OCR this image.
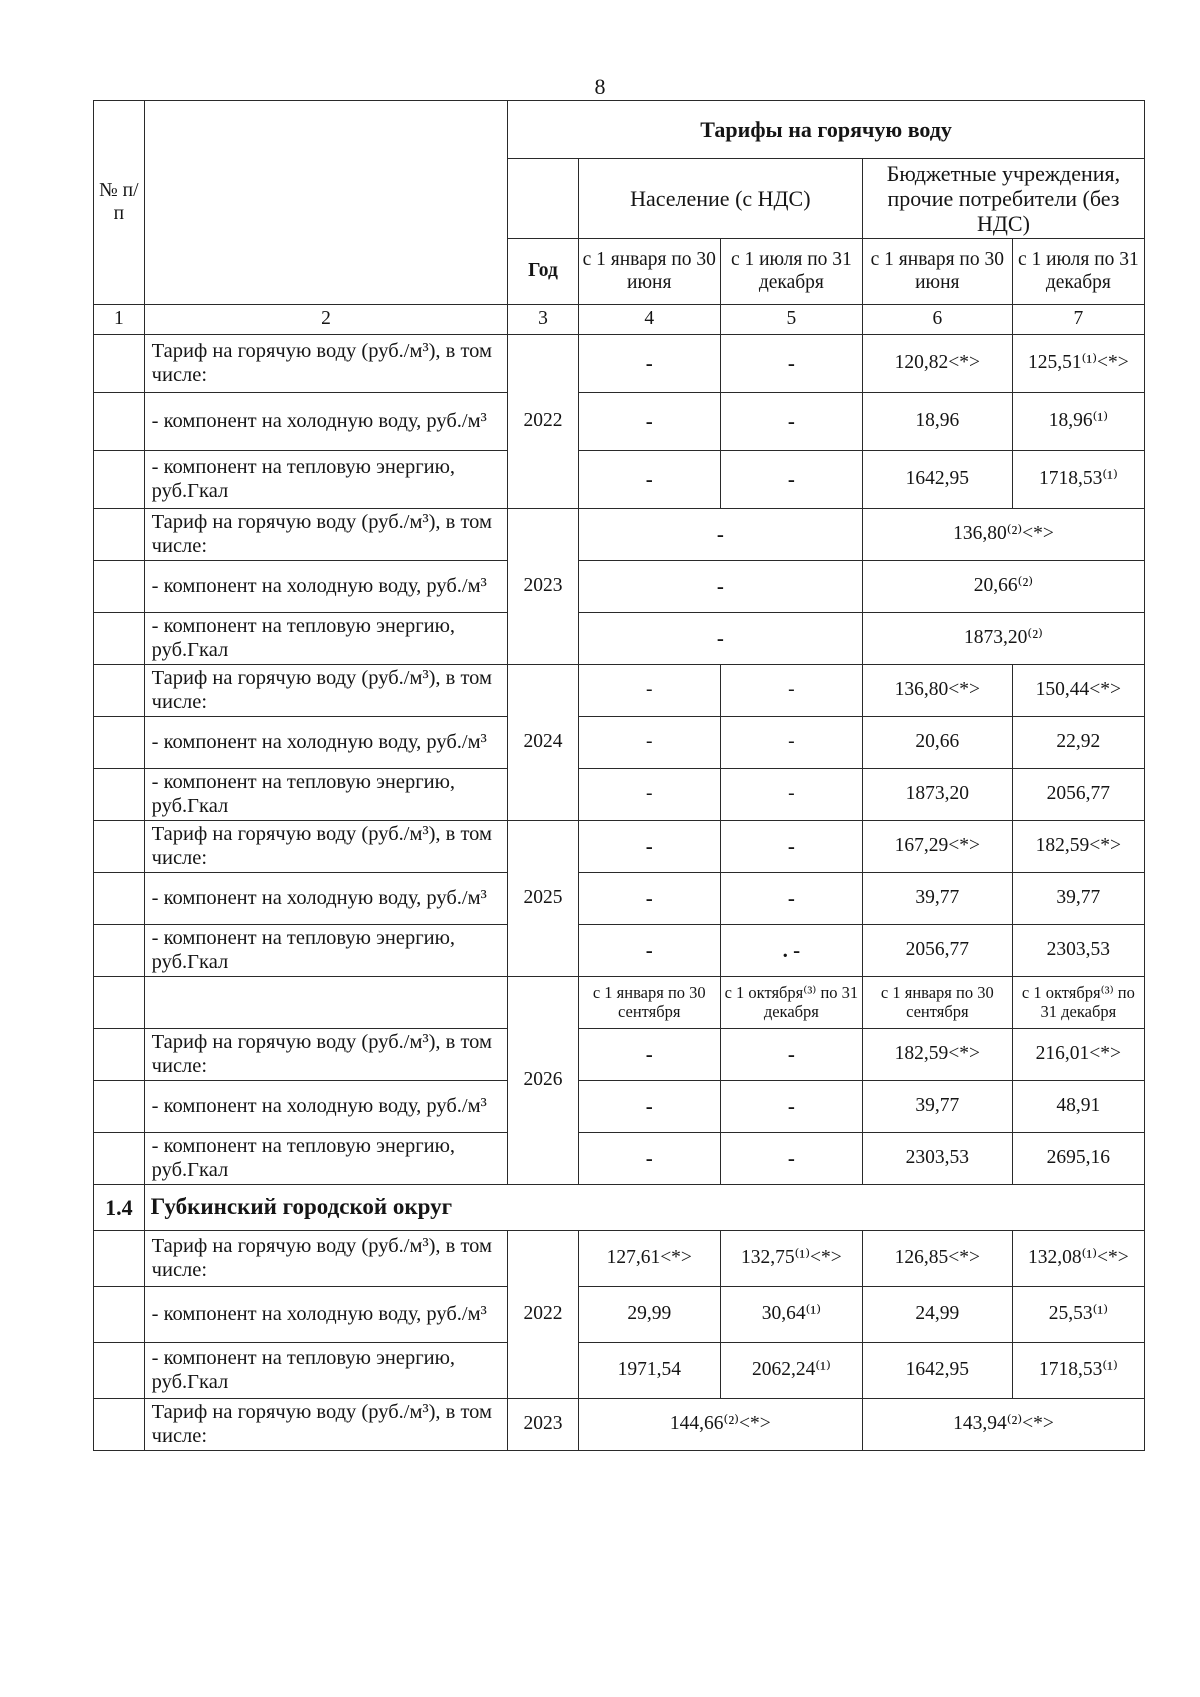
8
№ п/п		Тарифы на горячую воду				
			Население (с НДС)		Бюджетные учреждения, прочие потребители (без НДС)	
		Год	с 1 января по 30 июня	с 1 июля по 31 декабря	с 1 января по 30 июня	с 1 июля по 31 декабря
1	2	3	4	5	6	7
	Тариф на горячую воду (руб./м³), в том числе:	2022	-	-	120,82<*>	125,51⁽¹⁾<*>
	- компонент на холодную воду, руб./м³		-	-	18,96	18,96⁽¹⁾
	- компонент на тепловую энергию, руб.Гкал		-	-	1642,95	1718,53⁽¹⁾
	Тариф на горячую воду (руб./м³), в том числе:	2023	-		136,80⁽²⁾<*>	
	- компонент на холодную воду, руб./м³		-		20,66⁽²⁾	
	- компонент на тепловую энергию, руб.Гкал		-		1873,20⁽²⁾	
	Тариф на горячую воду (руб./м³), в том числе:	2024	-	-	136,80<*>	150,44<*>
	- компонент на холодную воду, руб./м³		-	-	20,66	22,92
	- компонент на тепловую энергию, руб.Гкал		-	-	1873,20	2056,77
	Тариф на горячую воду (руб./м³), в том числе:	2025	-	-	167,29<*>	182,59<*>
	- компонент на холодную воду, руб./м³		-	-	39,77	39,77
	- компонент на тепловую энергию, руб.Гкал		-	. -	2056,77	2303,53
		2026	с 1 января по 30 сентября	с 1 октября⁽³⁾ по 31 декабря	с 1 января по 30 сентября	с 1 октября⁽³⁾ по 31 декабря
	Тариф на горячую воду (руб./м³), в том числе:		-	-	182,59<*>	216,01<*>
	- компонент на холодную воду, руб./м³		-	-	39,77	48,91
	- компонент на тепловую энергию, руб.Гкал		-	-	2303,53	2695,16
1.4	Губкинский городской округ					
	Тариф на горячую воду (руб./м³), в том числе:	2022	127,61<*>	132,75⁽¹⁾<*>	126,85<*>	132,08⁽¹⁾<*>
	- компонент на холодную воду, руб./м³		29,99	30,64⁽¹⁾	24,99	25,53⁽¹⁾
	- компонент на тепловую энергию, руб.Гкал		1971,54	2062,24⁽¹⁾	1642,95	1718,53⁽¹⁾
	Тариф на горячую воду (руб./м³), в том числе:	2023	144,66⁽²⁾<*>		143,94⁽²⁾<*>	
